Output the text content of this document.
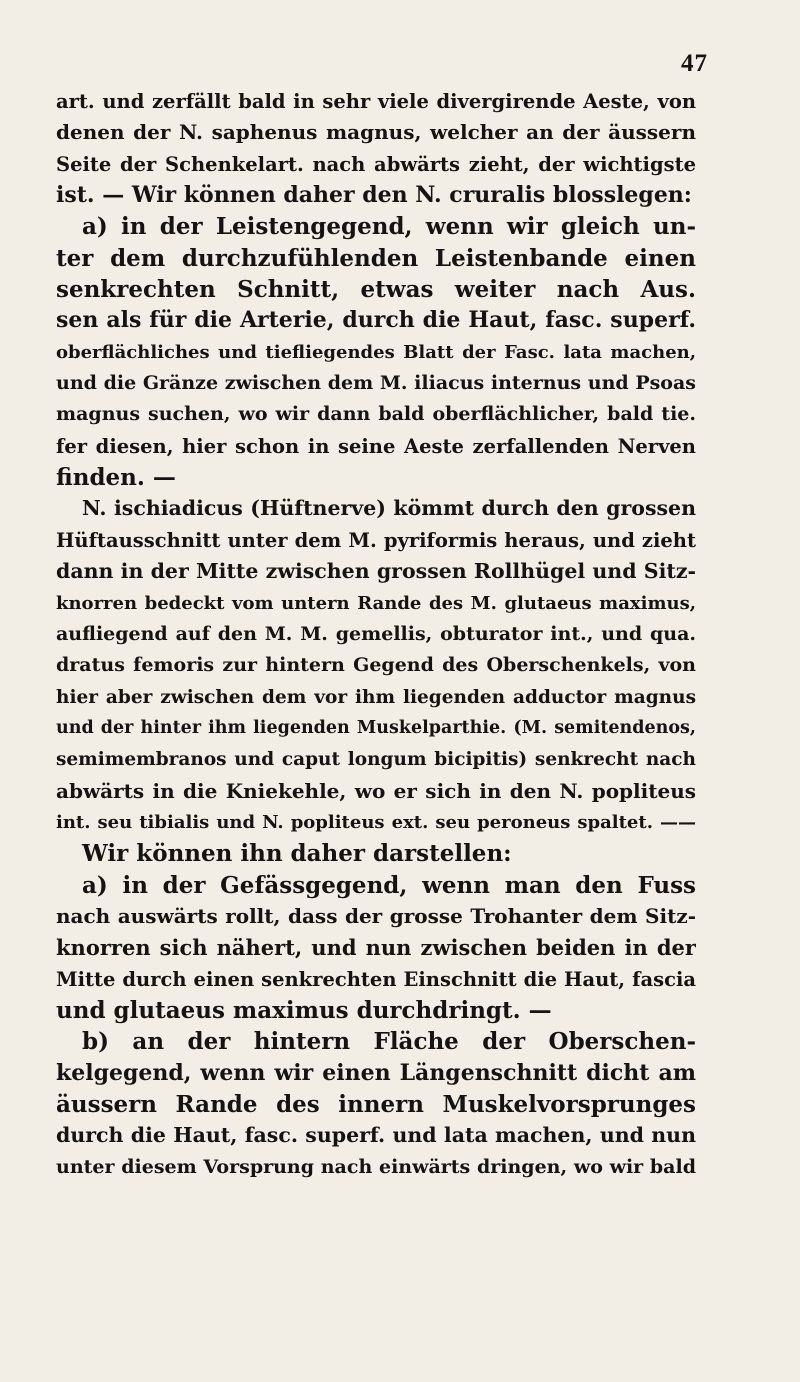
47
art. und zerfällt bald in sehr viele divergirende Aeste, von
denen der N. saphenus magnus, welcher an der äussern
Seite der Schenkelart. nach abwärts zieht, der wichtigste
ist. — Wir können daher den N. cruralis blosslegen:
a) in der Leistengegend, wenn wir gleich un-
ter dem durchzufühlenden Leistenbande einen
senkrechten Schnitt, etwas weiter nach Aus.
sen als für die Arterie, durch die Haut, fasc. superf.
oberflächliches und tiefliegendes Blatt der Fasc. lata machen,
und die Gränze zwischen dem M. iliacus internus und Psoas
magnus suchen, wo wir dann bald oberflächlicher, bald tie.
fer diesen, hier schon in seine Aeste zerfallenden Nerven
finden. —
N. ischiadicus (Hüftnerve) kömmt durch den grossen
Hüftausschnitt unter dem M. pyriformis heraus, und zieht
dann in der Mitte zwischen grossen Rollhügel und Sitz-
knorren bedeckt vom untern Rande des M. glutaeus maximus,
aufliegend auf den M. M. gemellis, obturator int., und qua.
dratus femoris zur hintern Gegend des Oberschenkels, von
hier aber zwischen dem vor ihm liegenden adductor magnus
und der hinter ihm liegenden Muskelparthie. (M. semitendenos,
semimembranos und caput longum bicipitis) senkrecht nach
abwärts in die Kniekehle, wo er sich in den N. popliteus
int. seu tibialis und N. popliteus ext. seu peroneus spaltet. ——
Wir können ihn daher darstellen:
a) in der Gefässgegend, wenn man den Fuss
nach auswärts rollt, dass der grosse Trohanter dem Sitz-
knorren sich nähert, und nun zwischen beiden in der
Mitte durch einen senkrechten Einschnitt die Haut, fascia
und glutaeus maximus durchdringt. —
b) an der hintern Fläche der Oberschen-
kelgegend, wenn wir einen Längenschnitt dicht am
äussern Rande des innern Muskelvorsprunges
durch die Haut, fasc. superf. und lata machen, und nun
unter diesem Vorsprung nach einwärts dringen, wo wir bald
